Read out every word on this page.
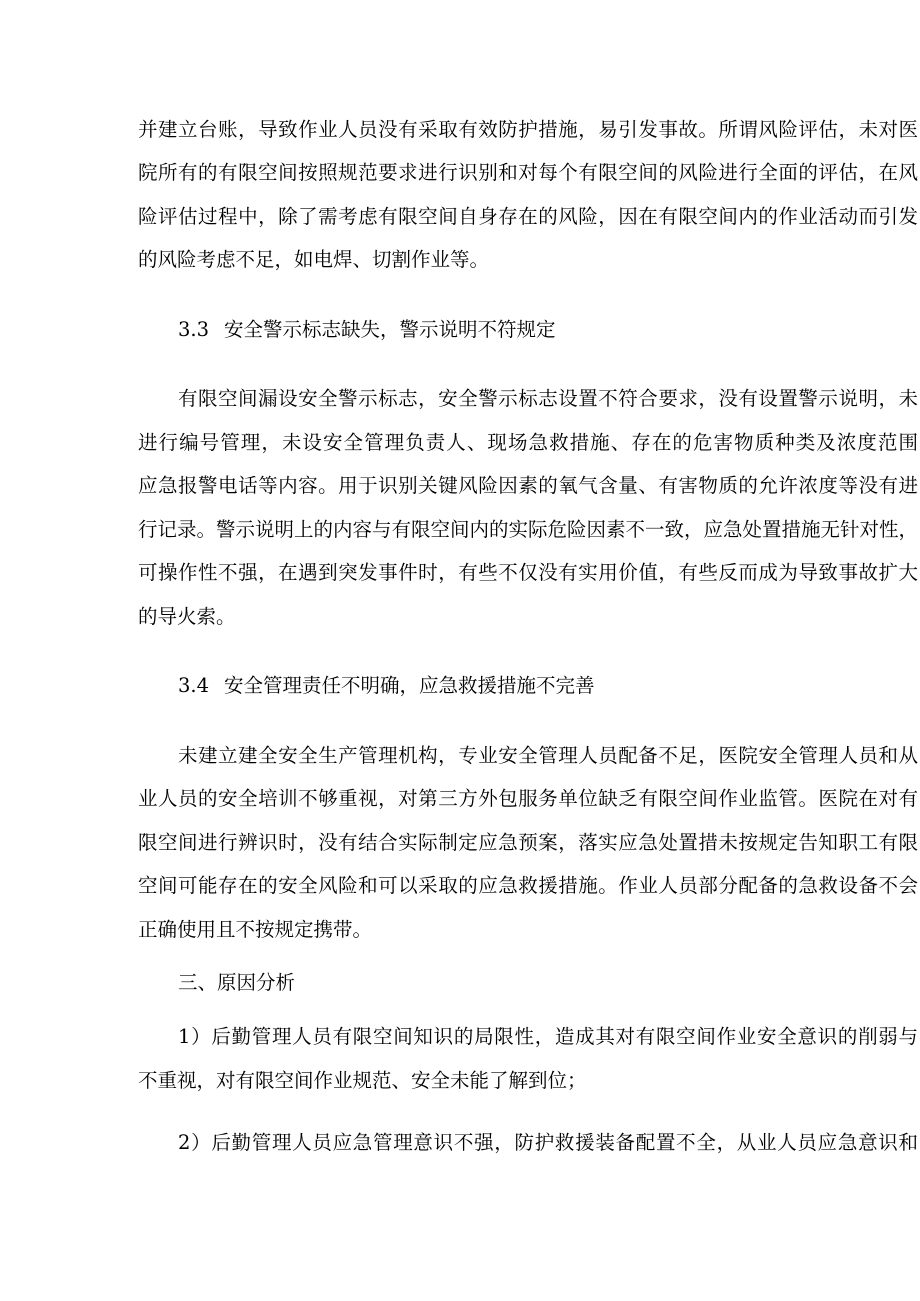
并建立台账，导致作业人员没有采取有效防护措施，易引发事故。所谓风险评估，未对医
院所有的有限空间按照规范要求进行识别和对每个有限空间的风险进行全面的评估，在风
险评估过程中，除了需考虑有限空间自身存在的风险，因在有限空间内的作业活动而引发
的风险考虑不足，如电焊、切割作业等。
3.3 安全警示标志缺失，警示说明不符规定
有限空间漏设安全警示标志，安全警示标志设置不符合要求，没有设置警示说明，未
进行编号管理，未设安全管理负责人、现场急救措施、存在的危害物质种类及浓度范围
应急报警电话等内容。用于识别关键风险因素的氧气含量、有害物质的允许浓度等没有进
行记录。警示说明上的内容与有限空间内的实际危险因素不一致，应急处置措施无针对性，
可操作性不强，在遇到突发事件时，有些不仅没有实用价值，有些反而成为导致事故扩大
的导火索。
3.4 安全管理责任不明确，应急救援措施不完善
未建立建全安全生产管理机构，专业安全管理人员配备不足，医院安全管理人员和从
业人员的安全培训不够重视，对第三方外包服务单位缺乏有限空间作业监管。医院在对有
限空间进行辨识时，没有结合实际制定应急预案，落实应急处置措未按规定告知职工有限
空间可能存在的安全风险和可以采取的应急救援措施。作业人员部分配备的急救设备不会
正确使用且不按规定携带。
三、原因分析
1）后勤管理人员有限空间知识的局限性，造成其对有限空间作业安全意识的削弱与
不重视，对有限空间作业规范、安全未能了解到位；
2）后勤管理人员应急管理意识不强，防护救援装备配置不全，从业人员应急意识和
